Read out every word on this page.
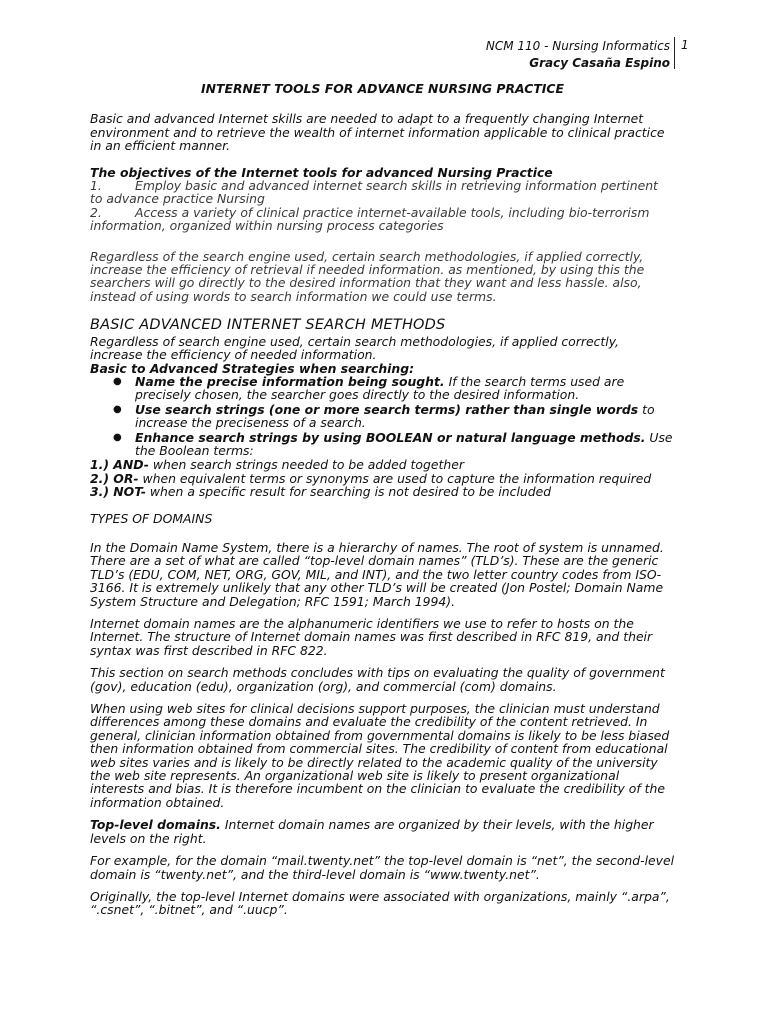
NCM 110 - Nursing Informatics
Gracy Casaña Espino
1
INTERNET TOOLS FOR ADVANCE NURSING PRACTICE

Basic and advanced Internet skills are needed to adapt to a frequently changing Internet environment and to retrieve the wealth of internet information applicable to clinical practice in an efficient manner.

The objectives of the Internet tools for advanced Nursing Practice
1.	Employ basic and advanced internet search skills in retrieving information pertinent
to advance practice Nursing
2.	Access a variety of clinical practice internet-available tools, including bio-terrorism
information, organized within nursing process categories

Regardless of the search engine used, certain search methodologies, if applied correctly, increase the efficiency of retrieval if needed information. as mentioned, by using this the searchers will go directly to the desired information that they want and less hassle. also, instead of using words to search information we could use terms.

BASIC ADVANCED INTERNET SEARCH METHODS
Regardless of search engine used, certain search methodologies, if applied correctly, increase the efficiency of needed information.
Basic to Advanced Strategies when searching:
● Name the precise information being sought. If the search terms used are precisely chosen, the searcher goes directly to the desired information.
● Use search strings (one or more search terms) rather than single words to increase the preciseness of a search.
● Enhance search strings by using BOOLEAN or natural language methods. Use the Boolean terms:
1.) AND- when search strings needed to be added together
2.) OR- when equivalent terms or synonyms are used to capture the information required
3.) NOT- when a specific result for searching is not desired to be included
TYPES OF DOMAINS

In the Domain Name System, there is a hierarchy of names. The root of system is unnamed. There are a set of what are called “top-level domain names” (TLD’s). These are the generic TLD’s (EDU, COM, NET, ORG, GOV, MIL, and INT), and the two letter country codes from ISO-3166. It is extremely unlikely that any other TLD’s will be created (Jon Postel; Domain Name System Structure and Delegation; RFC 1591; March 1994).

Internet domain names are the alphanumeric identifiers we use to refer to hosts on the Internet. The structure of Internet domain names was first described in RFC 819, and their syntax was first described in RFC 822.

This section on search methods concludes with tips on evaluating the quality of government (gov), education (edu), organization (org), and commercial (com) domains.

When using web sites for clinical decisions support purposes, the clinician must understand differences among these domains and evaluate the credibility of the content retrieved. In general, clinician information obtained from governmental domains is likely to be less biased then information obtained from commercial sites. The credibility of content from educational web sites varies and is likely to be directly related to the academic quality of the university the web site represents. An organizational web site is likely to present organizational interests and bias. It is therefore incumbent on the clinician to evaluate the credibility of the information obtained.

Top-level domains. Internet domain names are organized by their levels, with the higher levels on the right.

For example, for the domain “mail.twenty.net” the top-level domain is “net”, the second-level domain is “twenty.net”, and the third-level domain is “www.twenty.net”.

Originally, the top-level Internet domains were associated with organizations, mainly “.arpa”, “.csnet”, “.bitnet”, and “.uucp”.
